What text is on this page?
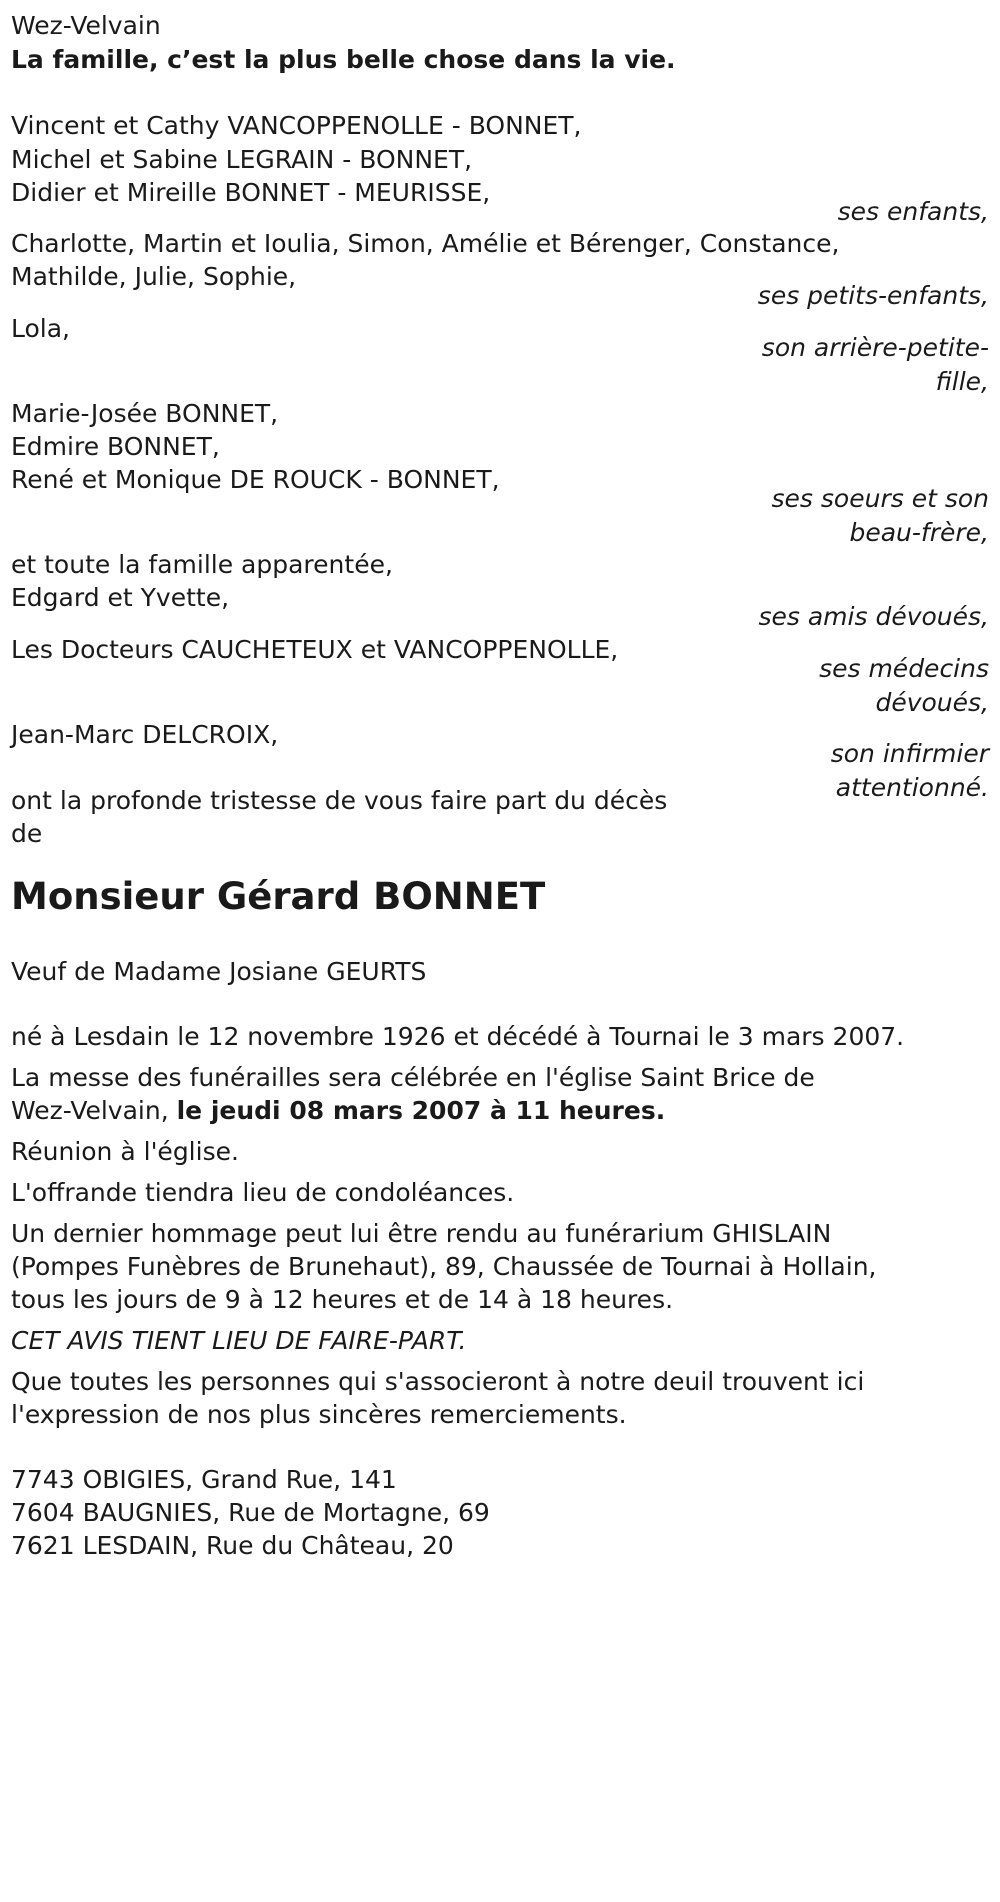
Wez-Velvain
La famille, c’est la plus belle chose dans la vie.
Vincent et Cathy VANCOPPENOLLE - BONNET,
Michel et Sabine LEGRAIN - BONNET,
Didier et Mireille BONNET - MEURISSE,
ses enfants,
Charlotte, Martin et Ioulia, Simon, Amélie et Bérenger, Constance,
Mathilde, Julie, Sophie,
ses petits-enfants,
Lola,
son arrière-petite-
fille,
Marie-Josée BONNET,
Edmire BONNET,
René et Monique DE ROUCK - BONNET,
ses soeurs et son
beau-frère,
et toute la famille apparentée,
Edgard et Yvette,
ses amis dévoués,
Les Docteurs CAUCHETEUX et VANCOPPENOLLE,
ses médecins
dévoués,
Jean-Marc DELCROIX,
son infirmier
attentionné.
ont la profonde tristesse de vous faire part du décès
de
Monsieur Gérard BONNET
Veuf de Madame Josiane GEURTS
né à Lesdain le 12 novembre 1926 et décédé à Tournai le 3 mars 2007.
La messe des funérailles sera célébrée en l'église Saint Brice de
Wez-Velvain, le jeudi 08 mars 2007 à 11 heures.
Réunion à l'église.
L'offrande tiendra lieu de condoléances.
Un dernier hommage peut lui être rendu au funérarium GHISLAIN
(Pompes Funèbres de Brunehaut), 89, Chaussée de Tournai à Hollain,
tous les jours de 9 à 12 heures et de 14 à 18 heures.
CET AVIS TIENT LIEU DE FAIRE-PART.
Que toutes les personnes qui s'associeront à notre deuil trouvent ici
l'expression de nos plus sincères remerciements.
7743 OBIGIES, Grand Rue, 141
7604 BAUGNIES, Rue de Mortagne, 69
7621 LESDAIN, Rue du Château, 20
